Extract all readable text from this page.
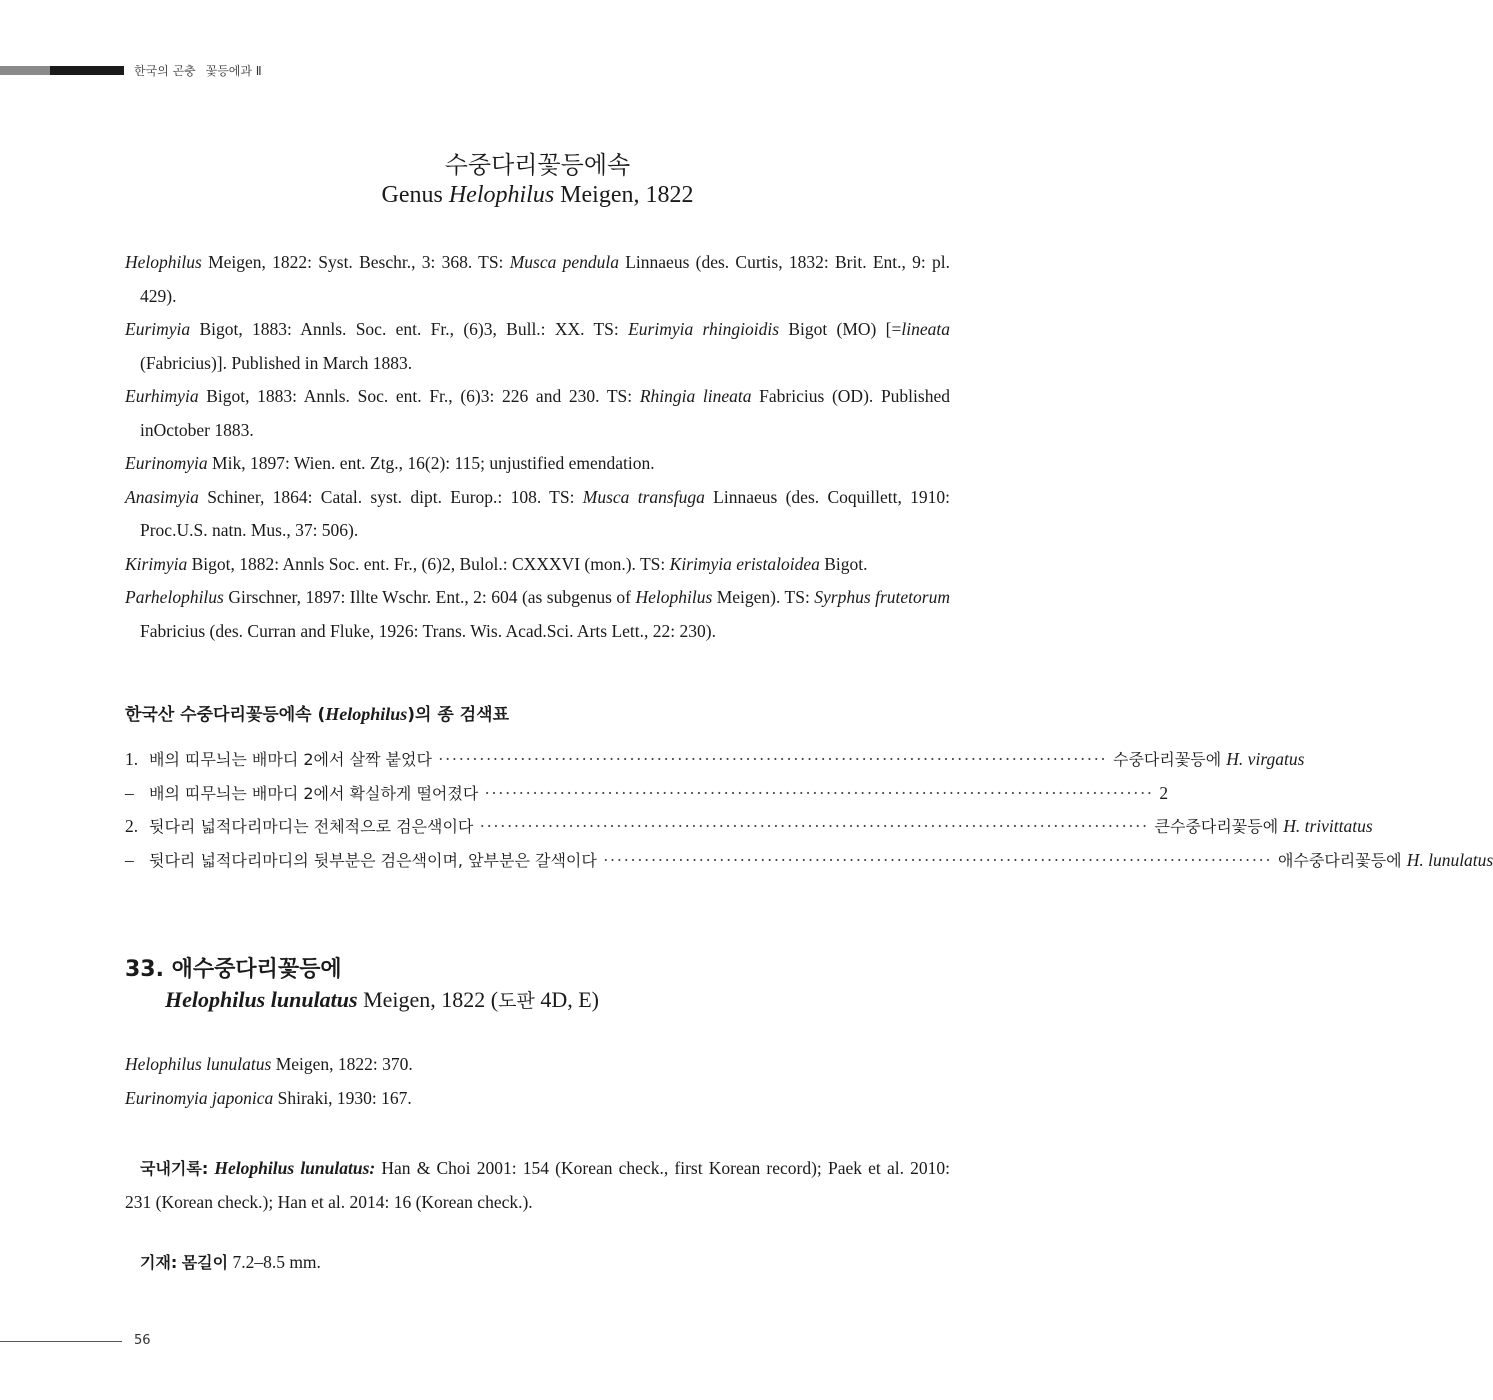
한국의 곤충 꽃등에과 Ⅱ
수중다리꽃등에속
Genus Helophilus Meigen, 1822

Helophilus Meigen, 1822: Syst. Beschr., 3: 368. TS: Musca pendula Linnaeus (des. Curtis, 1832: Brit. Ent., 9: pl. 429).

Eurimyia Bigot, 1883: Annls. Soc. ent. Fr., (6)3, Bull.: XX. TS: Eurimyia rhingioidis Bigot (MO) [=lineata (Fabricius)]. Published in March 1883.

Eurhimyia Bigot, 1883: Annls. Soc. ent. Fr., (6)3: 226 and 230. TS: Rhingia lineata Fabricius (OD). Published inOctober 1883.

Eurinomyia Mik, 1897: Wien. ent. Ztg., 16(2): 115; unjustified emendation.

Anasimyia Schiner, 1864: Catal. syst. dipt. Europ.: 108. TS: Musca transfuga Linnaeus (des. Coquillett, 1910: Proc.U.S. natn. Mus., 37: 506).

Kirimyia Bigot, 1882: Annls Soc. ent. Fr., (6)2, Bulol.: CXXXVI (mon.). TS: Kirimyia eristaloidea Bigot.

Parhelophilus Girschner, 1897: Illte Wschr. Ent., 2: 604 (as subgenus of Helophilus Meigen). TS: Syrphus frutetorum Fabricius (des. Curran and Fluke, 1926: Trans. Wis. Acad.Sci. Arts Lett., 22: 230).

한국산 수중다리꽃등에속 (Helophilus)의 종 검색표
1. 배의 띠무늬는 배마디 2에서 살짝 붙었다 ·································································································· 수중다리꽃등에 H. virgatus
– 배의 띠무늬는 배마디 2에서 확실하게 떨어졌다 ·································································································· 2
2. 뒷다리 넓적다리마디는 전체적으로 검은색이다 ·································································································· 큰수중다리꽃등에 H. trivittatus
– 뒷다리 넓적다리마디의 뒷부분은 검은색이며, 앞부분은 갈색이다 ·································································································· 애수중다리꽃등에 H. lunulatus
33. 애수중다리꽃등에
Helophilus lunulatus Meigen, 1822 (도판 4D, E)

Helophilus lunulatus Meigen, 1822: 370.

Eurinomyia japonica Shiraki, 1930: 167.

국내기록: Helophilus lunulatus: Han & Choi 2001: 154 (Korean check., first Korean record); Paek et al. 2010: 231 (Korean check.); Han et al. 2014: 16 (Korean check.).

기재: 몸길이 7.2–8.5 mm.
56
